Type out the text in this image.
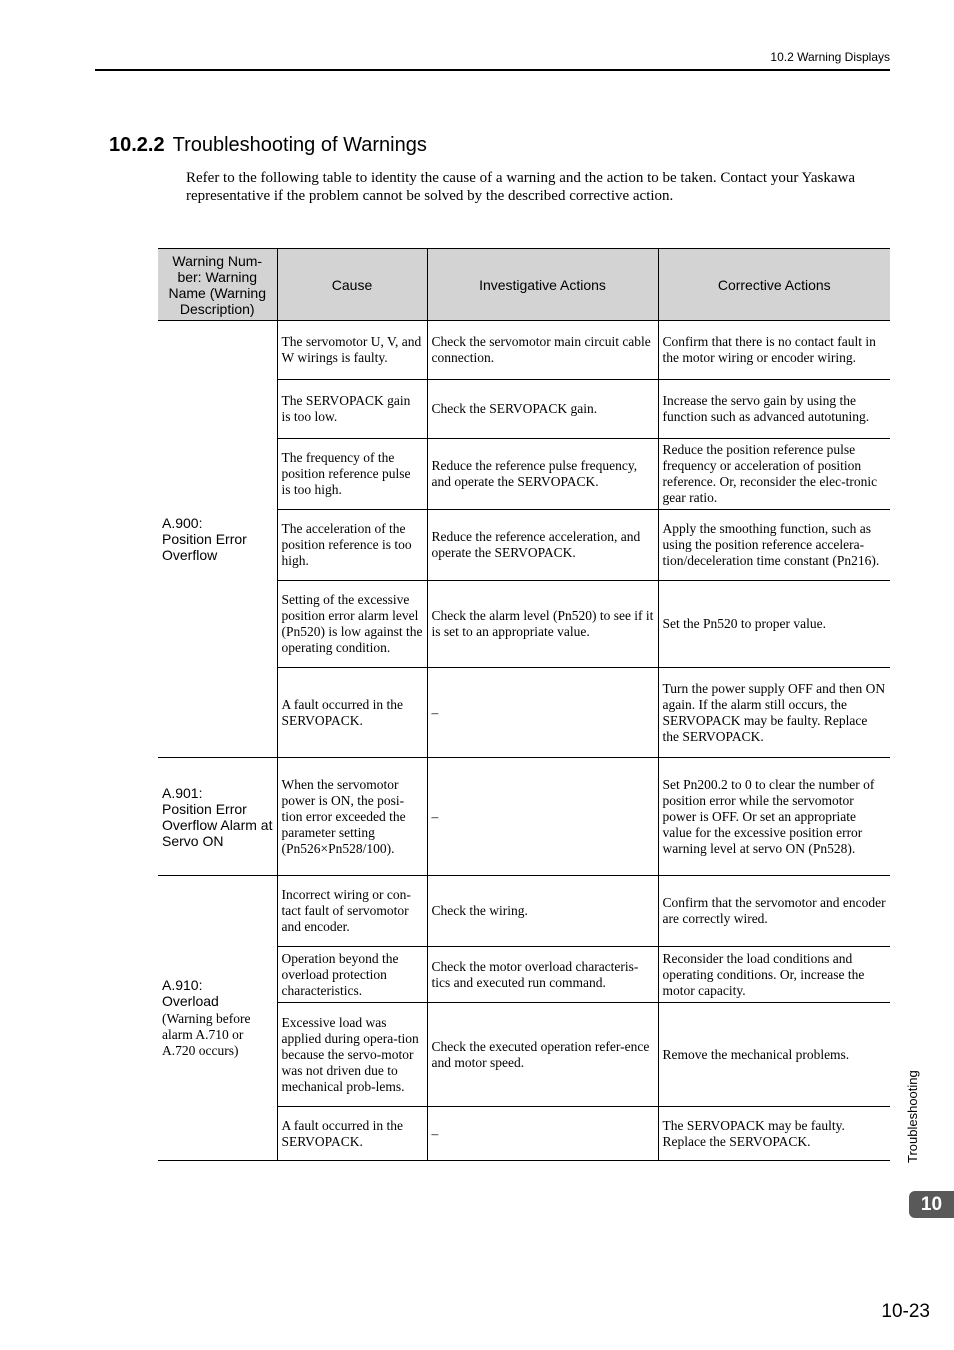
10.2 Warning Displays
10.2.2 Troubleshooting of Warnings

Refer to the following table to identity the cause of a warning and the action to be taken. Contact your Yaskawa representative if the problem cannot be solved by the described corrective action.

Warning Num-ber: Warning Name (Warning Description)	Cause	Investigative Actions	Corrective Actions

A.900:
Position Error Overflow	The servomotor U, V, and W wirings is faulty.	Check the servomotor main circuit cable connection.	Confirm that there is no contact fault in the motor wiring or encoder wiring.
	The SERVOPACK gain is too low.	Check the SERVOPACK gain.	Increase the servo gain by using the function such as advanced autotuning.
	The frequency of the position reference pulse is too high.	Reduce the reference pulse frequency, and operate the SERVOPACK.	Reduce the position reference pulse frequency or acceleration of position reference. Or, reconsider the elec-tronic gear ratio.
	The acceleration of the position reference is too high.	Reduce the reference acceleration, and operate the SERVOPACK.	Apply the smoothing function, such as using the position reference accelera-tion/deceleration time constant (Pn216).
	Setting of the excessive position error alarm level (Pn520) is low against the operating condition.	Check the alarm level (Pn520) to see if it is set to an appropriate value.	Set the Pn520 to proper value.
	A fault occurred in the SERVOPACK.	–	Turn the power supply OFF and then ON again. If the alarm still occurs, the SERVOPACK may be faulty. Replace the SERVOPACK.

A.901:
Position Error Overflow Alarm at Servo ON	When the servomotor power is ON, the posi-tion error exceeded the parameter setting (Pn526×Pn528/100).	–	Set Pn200.2 to 0 to clear the number of position error while the servomotor power is OFF. Or set an appropriate value for the excessive position error warning level at servo ON (Pn528).

A.910:
Overload
(Warning before alarm A.710 or A.720 occurs)	Incorrect wiring or con-tact fault of servomotor and encoder.	Check the wiring.	Confirm that the servomotor and encoder are correctly wired.
	Operation beyond the overload protection characteristics.	Check the motor overload characteris-tics and executed run command.	Reconsider the load conditions and operating conditions. Or, increase the motor capacity.
	Excessive load was applied during opera-tion because the servo-motor was not driven due to mechanical prob-lems.	Check the executed operation refer-ence and motor speed.	Remove the mechanical problems.
	A fault occurred in the SERVOPACK.	–	The SERVOPACK may be faulty. Replace the SERVOPACK.	Troubleshooting
10
10-23
